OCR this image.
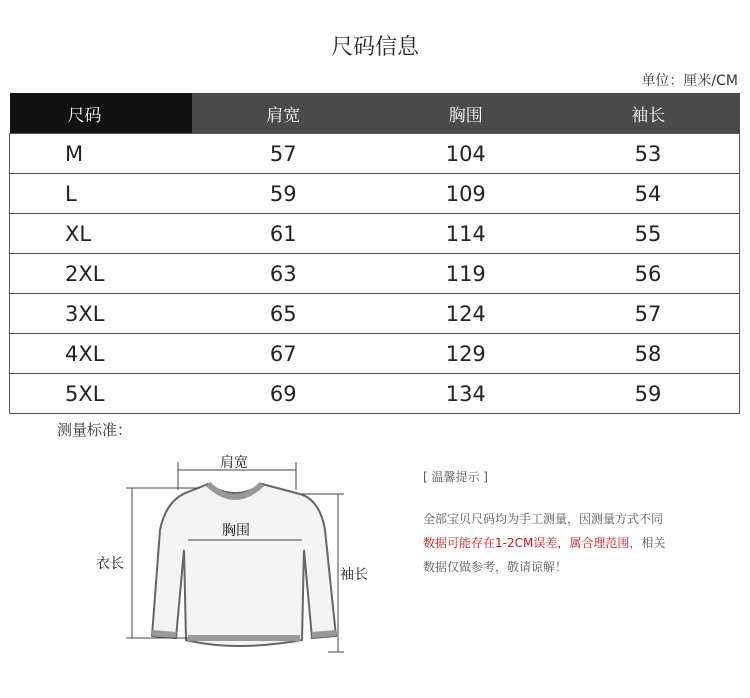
尺码信息
单位：厘米/CM
尺码	肩宽	胸围	袖长
M	57	104	53
L	59	109	54
XL	61	114	55
2XL	63	119	56
3XL	65	124	57
4XL	67	129	58
5XL	69	134	59
测量标准：
肩宽
胸围
衣长
袖长
[ 温馨提示 ]
全部宝贝尺码均为手工测量，因测量方式不同
数据可能存在1-2CM误差，属合理范围，相关
数据仅做参考，敬请谅解！
